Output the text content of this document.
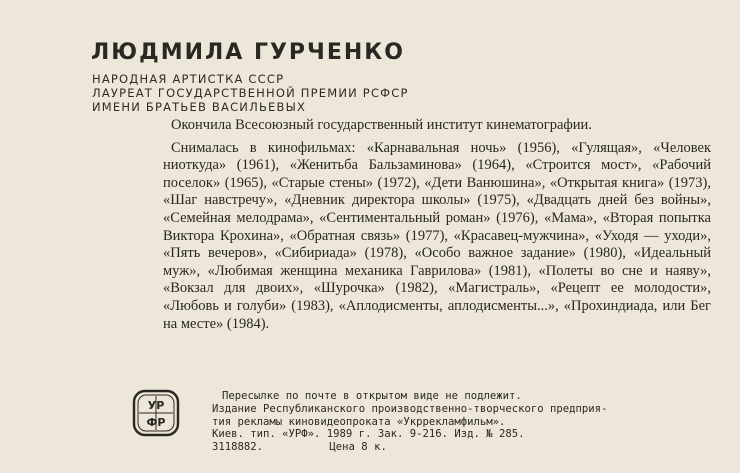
ЛЮДМИЛА ГУРЧЕНКО
НАРОДНАЯ АРТИСТКА СССР
ЛАУРЕАТ ГОСУДАРСТВЕННОЙ ПРЕМИИ РСФСР
ИМЕНИ БРАТЬЕВ ВАСИЛЬЕВЫХ

Окончила Всесоюзный государственный институт кинематографии.

Снималась в кинофильмах: «Карнавальная ночь» (1956), «Гулящая», «Человек ниоткуда» (1961), «Женитьба Бальзаминова» (1964), «Строится мост», «Рабочий поселок» (1965), «Старые стены» (1972), «Дети Ванюшина», «Открытая книга» (1973), «Шаг навстречу», «Дневник директора школы» (1975), «Двадцать дней без войны», «Семейная мелодрама», «Сентиментальный роман» (1976), «Мама», «Вторая попытка Виктора Крохина», «Обратная связь» (1977), «Красавец-мужчина», «Уходя — уходи», «Пять вечеров», «Сибириада» (1978), «Особо важное задание» (1980), «Идеальный муж», «Любимая женщина механика Гаврилова» (1981), «Полеты во сне и наяву», «Вокзал для двоих», «Шурочка» (1982), «Магистраль», «Рецепт ее молодости», «Любовь и голуби» (1983), «Аплодисменты, аплодисменты...», «Прохиндиада, или Бег на месте» (1984).

УР
ФР
Пересылке по почте в открытом виде не подлежит.
Издание Республиканского производственно-творческого предприя-
тия рекламы киновидеопроката «Укррекламфильм».
Киев. тип. «УРФ». 1989 г. Зак. 9-216. Изд. № 285.
3118882.	Цена 8 к.
